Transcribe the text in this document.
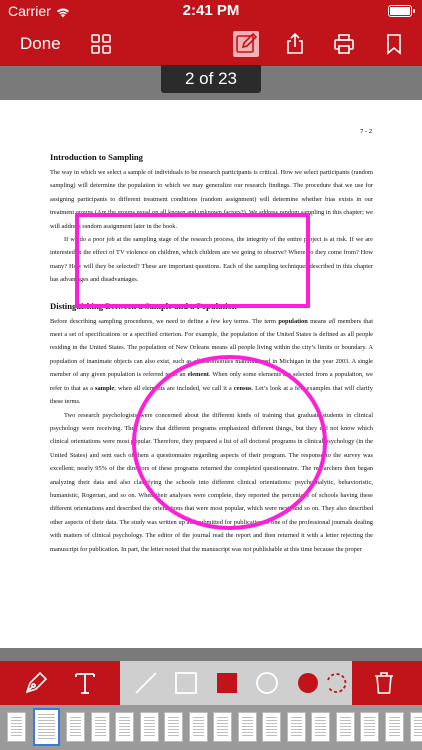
Carrier	2:41 PM
Done
2 of 23
7 - 2
Introduction to Sampling

The way in which we select a sample of individuals to be research participants is critical. How we select participants (random sampling) will determine the population to which we may generalize our research findings. The procedure that we use for assigning participants to different treatment conditions (random assignment) will determine whether bias exists in our treatment groups (Are the groups equal on all known and unknown factors?). We address random sampling in this chapter; we will address random assignment later in the book.

If we do a poor job at the sampling stage of the research process, the integrity of the entire project is at risk. If we are interested in the effect of TV violence on children, which children are we going to observe? Where do they come from? How many? How will they be selected? These are important questions. Each of the sampling techniques described in this chapter has advantages and disadvantages.

Distinguishing Between a Sample and a Population

Before describing sampling procedures, we need to define a few key terms. The term population means all members that meet a set of specifications or a specified criterion. For example, the population of the United States is defined as all people residing in the United States. The population of New Orleans means all people living within the city’s limits or boundary. A population of inanimate objects can also exist, such as all automobiles manufactured in Michigan in the year 2003. A single member of any given population is referred to as an element. When only some elements are selected from a population, we refer to that as a sample; when all elements are included, we call it a census. Let’s look at a few examples that will clarify these terms.

Two research psychologists were concerned about the different kinds of training that graduate students in clinical psychology were receiving. They knew that different programs emphasized different things, but they did not know which clinical orientations were most popular. Therefore, they prepared a list of all doctoral programs in clinical psychology (in the United States) and sent each of them a questionnaire regarding aspects of their program. The response to the survey was excellent; nearly 95% of the directors of these programs returned the completed questionnaire. The researchers then began analyzing their data and also classifying the schools into different clinical orientations: psychoanalytic, behavioristic, humanistic, Rogerian, and so on. When their analyses were complete, they reported the percentage of schools having these different orientations and described the orientations that were most popular, which were next, and so on. They also described other aspects of their data. The study was written up and submitted for publication to one of the professional journals dealing with matters of clinical psychology. The editor of the journal read the report and then returned it with a letter rejecting the manuscript for publication. In part, the letter noted that the manuscript was not publishable at this time because the proper
